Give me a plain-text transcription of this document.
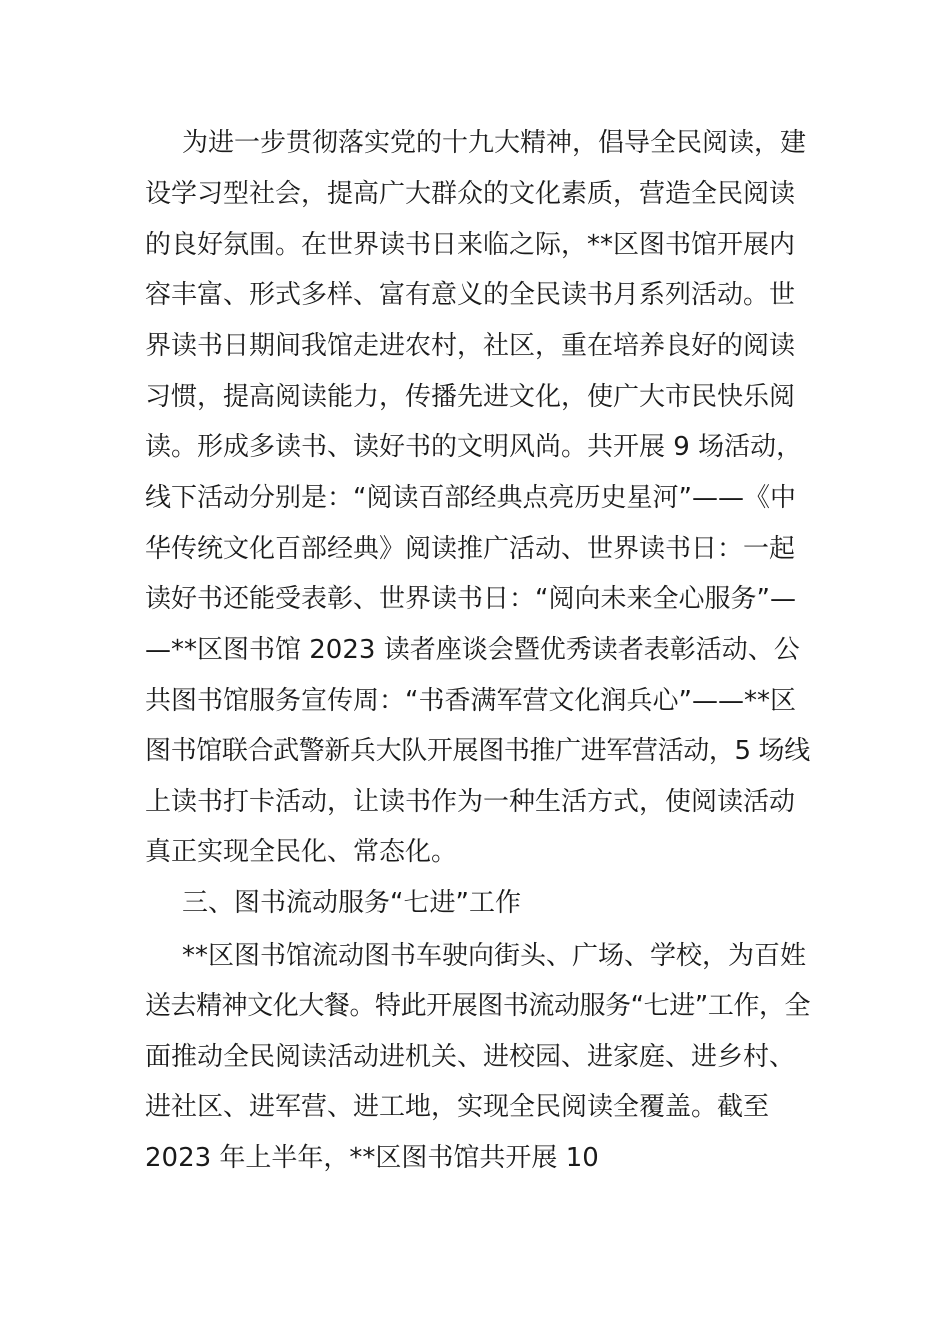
为进一步贯彻落实党的十九大精神，倡导全民阅读，建

设学习型社会，提高广大群众的文化素质，营造全民阅读

的良好氛围。在世界读书日来临之际，**区图书馆开展内

容丰富、形式多样、富有意义的全民读书月系列活动。世

界读书日期间我馆走进农村，社区，重在培养良好的阅读

习惯，提高阅读能力，传播先进文化，使广大市民快乐阅

读。形成多读书、读好书的文明风尚。共开展 9 场活动，

线下活动分别是：“阅读百部经典点亮历史星河”——《中

华传统文化百部经典》阅读推广活动、世界读书日：一起

读好书还能受表彰、世界读书日：“阅向未来全心服务”—

—**区图书馆 2023 读者座谈会暨优秀读者表彰活动、公

共图书馆服务宣传周：“书香满军营文化润兵心”——**区

图书馆联合武警新兵大队开展图书推广进军营活动，5 场线

上读书打卡活动，让读书作为一种生活方式，使阅读活动

真正实现全民化、常态化。

三、图书流动服务“七进”工作

**区图书馆流动图书车驶向街头、广场、学校，为百姓

送去精神文化大餐。特此开展图书流动服务“七进”工作，全

面推动全民阅读活动进机关、进校园、进家庭、进乡村、

进社区、进军营、进工地，实现全民阅读全覆盖。截至

2023 年上半年，**区图书馆共开展 10
